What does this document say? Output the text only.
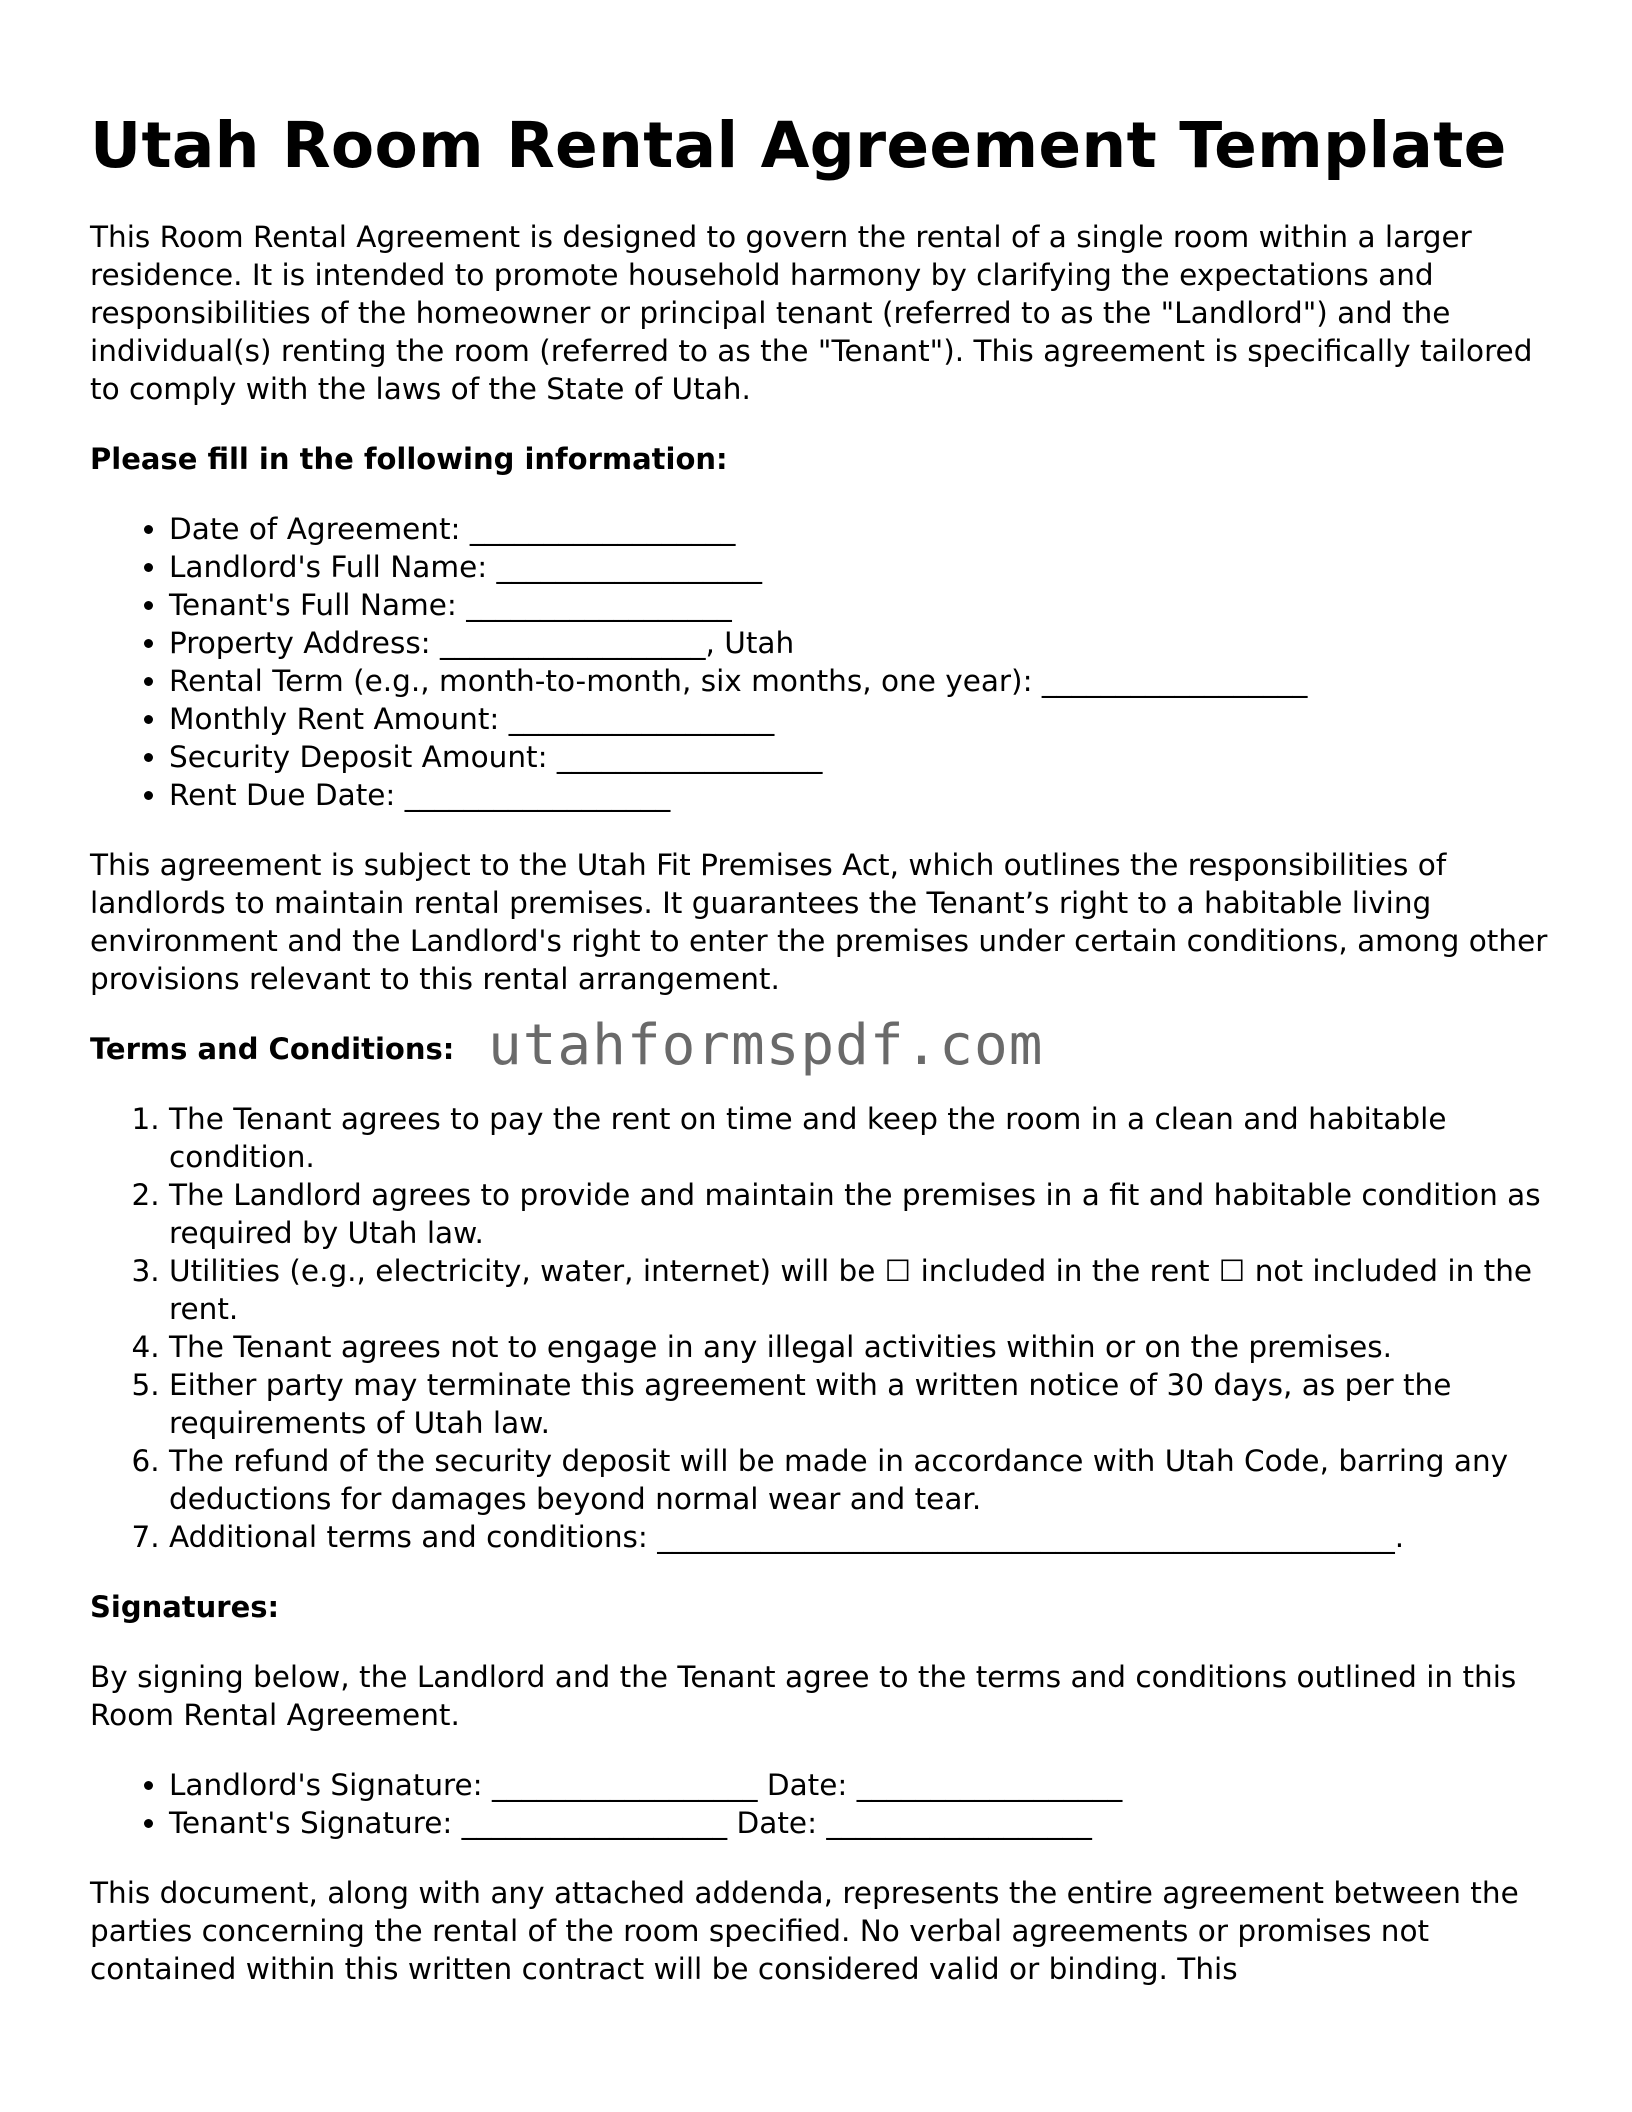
Utah Room Rental Agreement Template

This Room Rental Agreement is designed to govern the rental of a single room within a larger residence. It is intended to promote household harmony by clarifying the expectations and responsibilities of the homeowner or principal tenant (referred to as the "Landlord") and the individual(s) renting the room (referred to as the "Tenant"). This agreement is specifically tailored to comply with the laws of the State of Utah.

Please fill in the following information:
• Date of Agreement: __________________
• Landlord's Full Name: __________________
• Tenant's Full Name: __________________
• Property Address: __________________, Utah
• Rental Term (e.g., month-to-month, six months, one year): __________________
• Monthly Rent Amount: __________________
• Security Deposit Amount: __________________
• Rent Due Date: __________________

This agreement is subject to the Utah Fit Premises Act, which outlines the responsibilities of landlords to maintain rental premises. It guarantees the Tenant’s right to a habitable living environment and the Landlord's right to enter the premises under certain conditions, among other provisions relevant to this rental arrangement.

Terms and Conditions: utahformspdf.com
1. The Tenant agrees to pay the rent on time and keep the room in a clean and habitable condition.
2. The Landlord agrees to provide and maintain the premises in a fit and habitable condition as required by Utah law.
3. Utilities (e.g., electricity, water, internet) will be ☐ included in the rent ☐ not included in the rent.
4. The Tenant agrees not to engage in any illegal activities within or on the premises.
5. Either party may terminate this agreement with a written notice of 30 days, as per the requirements of Utah law.
6. The refund of the security deposit will be made in accordance with Utah Code, barring any deductions for damages beyond normal wear and tear.
7. Additional terms and conditions: __________________________________________________.
Signatures:

By signing below, the Landlord and the Tenant agree to the terms and conditions outlined in this Room Rental Agreement.

• Landlord's Signature: __________________ Date: __________________
• Tenant's Signature: __________________ Date: __________________

This document, along with any attached addenda, represents the entire agreement between the parties concerning the rental of the room specified. No verbal agreements or promises not contained within this written contract will be considered valid or binding. This
